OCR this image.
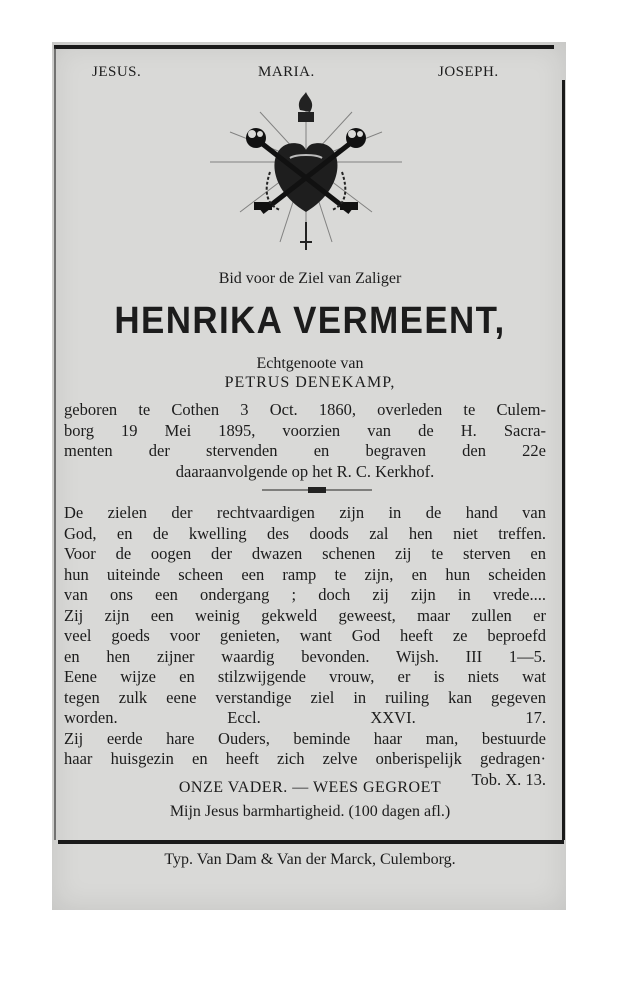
JESUS.	MARIA.	JOSEPH.
Bid voor de Ziel van Zaliger
HENRIKA VERMEENT,
Echtgenoote van
PETRUS DENEKAMP,
geboren te Cothen 3 Oct. 1860, overleden te Culem-
borg 19 Mei 1895, voorzien van de H. Sacra-
menten der stervenden en begraven den 22e
daaraanvolgende op het R. C. Kerkhof.
De zielen der rechtvaardigen zijn in de hand van
God, en de kwelling des doods zal hen niet treffen.
Voor de oogen der dwazen schenen zij te sterven en
hun uiteinde scheen een ramp te zijn, en hun scheiden
van ons een ondergang ; doch zij zijn in vrede....
Zij zijn een weinig gekweld geweest, maar zullen er
veel goeds voor genieten, want God heeft ze beproefd
en hen zijner waardig bevonden. Wijsh. III 1—5.
Eene wijze en stilzwijgende vrouw, er is niets wat
tegen zulk eene verstandige ziel in ruiling kan gegeven
worden. Eccl. XXVI. 17.
Zij eerde hare Ouders, beminde haar man, bestuurde
haar huisgezin en heeft zich zelve onberispelijk gedragen·
Tob. X. 13.
ONZE VADER. — WEES GEGROET
Mijn Jesus barmhartigheid. (100 dagen afl.)
Typ. Van Dam & Van der Marck, Culemborg.
